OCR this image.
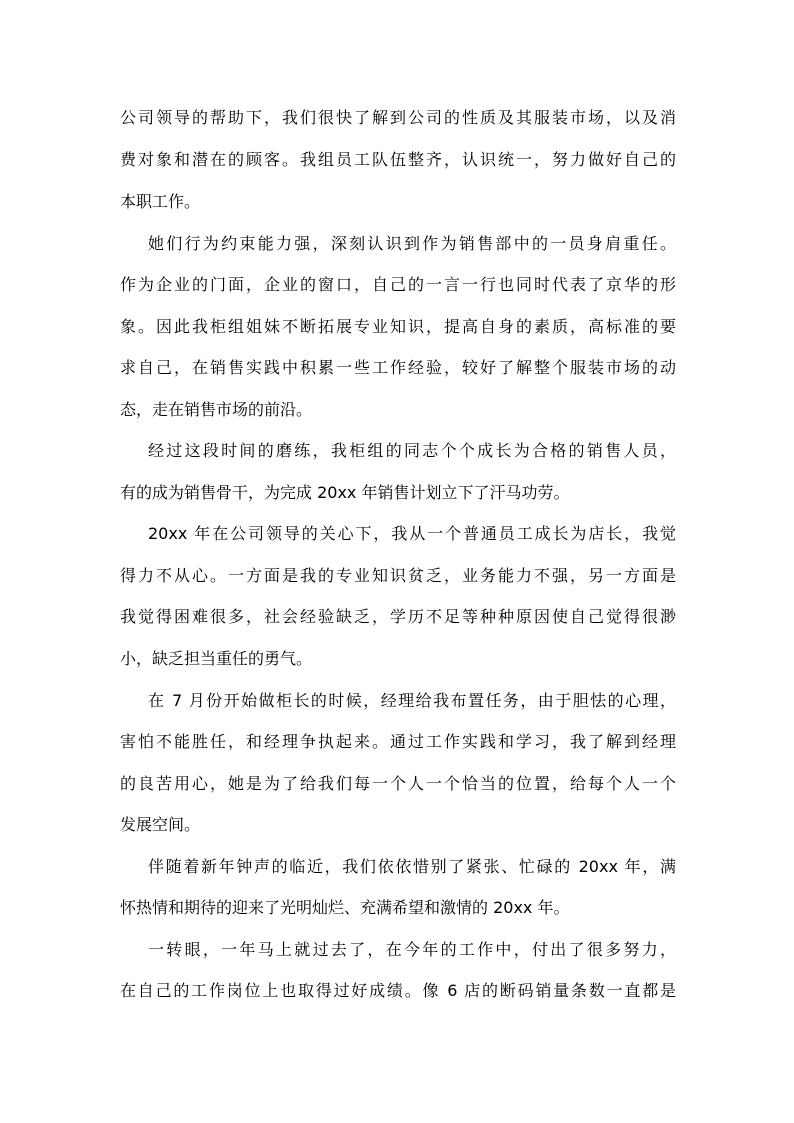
公司领导的帮助下，我们很快了解到公司的性质及其服装市场，以及消
费对象和潜在的顾客。我组员工队伍整齐，认识统一，努力做好自己的
本职工作。
她们行为约束能力强，深刻认识到作为销售部中的一员身肩重任。
作为企业的门面，企业的窗口，自己的一言一行也同时代表了京华的形
象。因此我柜组姐妹不断拓展专业知识，提高自身的素质，高标准的要
求自己，在销售实践中积累一些工作经验，较好了解整个服装市场的动
态，走在销售市场的前沿。
经过这段时间的磨练，我柜组的同志个个成长为合格的销售人员，
有的成为销售骨干，为完成 20xx 年销售计划立下了汗马功劳。
20xx 年在公司领导的关心下，我从一个普通员工成长为店长，我觉
得力不从心。一方面是我的专业知识贫乏，业务能力不强，另一方面是
我觉得困难很多，社会经验缺乏，学历不足等种种原因使自己觉得很渺
小，缺乏担当重任的勇气。
在 7 月份开始做柜长的时候，经理给我布置任务，由于胆怯的心理，
害怕不能胜任，和经理争执起来。通过工作实践和学习，我了解到经理
的良苦用心，她是为了给我们每一个人一个恰当的位置，给每个人一个
发展空间。
伴随着新年钟声的临近，我们依依惜别了紧张、忙碌的 20xx 年，满
怀热情和期待的迎来了光明灿烂、充满希望和激情的 20xx 年。
一转眼，一年马上就过去了，在今年的工作中，付出了很多努力，
在自己的工作岗位上也取得过好成绩。像 6 店的断码销量条数一直都是
